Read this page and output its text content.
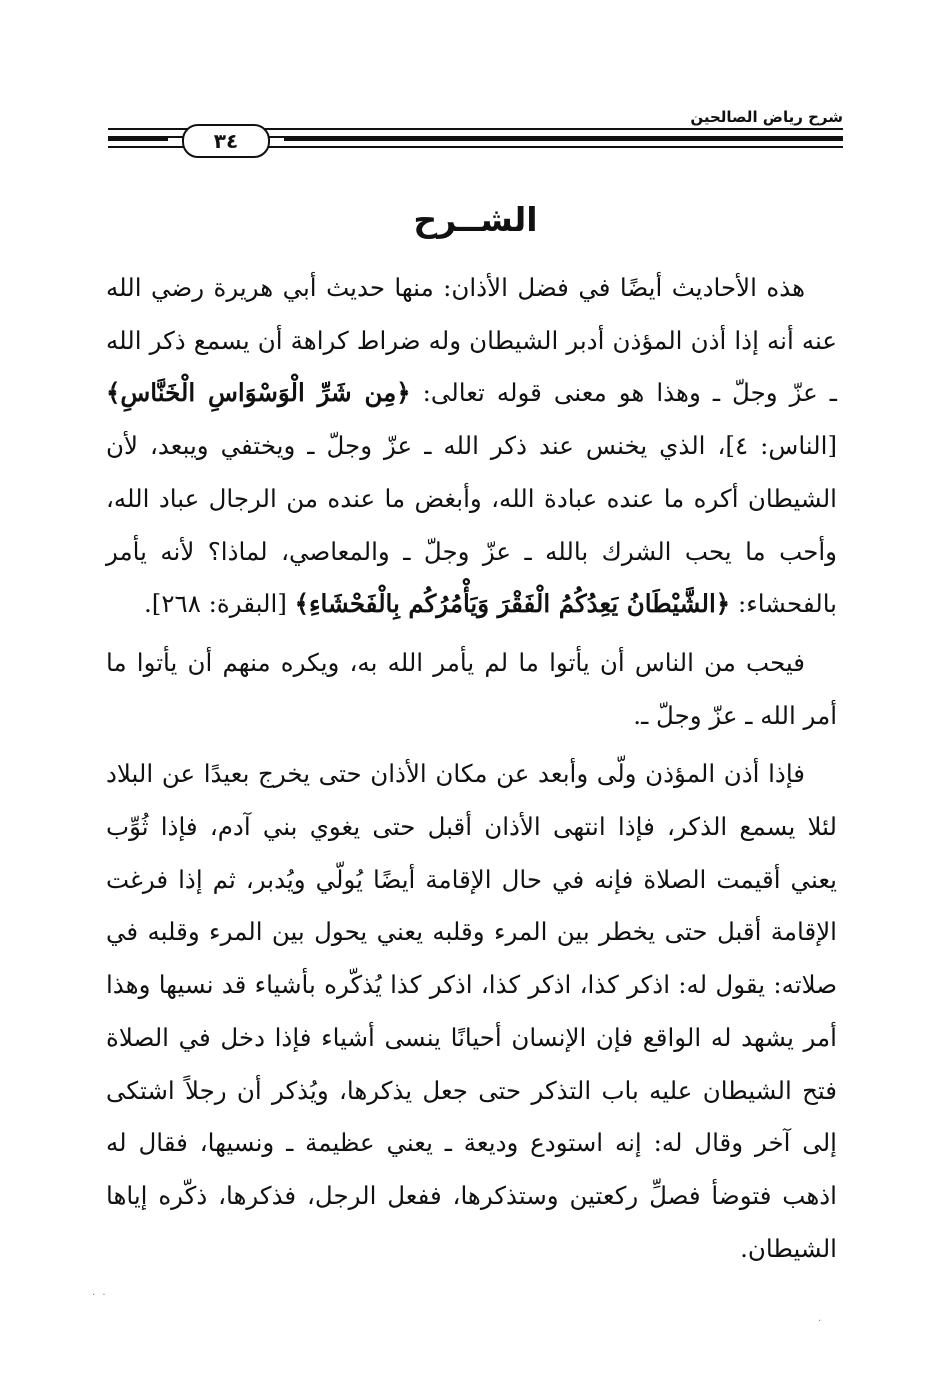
شرح رياض الصالحين
٣٤
الشــرح

هذه الأحاديث أيضًا في فضل الأذان: منها حديث أبي هريرة رضي الله عنه أنه إذا أذن المؤذن أدبر الشيطان وله ضراط كراهة أن يسمع ذكر الله ـ عزّ وجلّ ـ وهذا هو معنى قوله تعالى: ﴿مِن شَرِّ الْوَسْوَاسِ الْخَنَّاسِ﴾ [الناس: ٤]، الذي يخنس عند ذكر الله ـ عزّ وجلّ ـ ويختفي ويبعد، لأن الشيطان أكره ما عنده عبادة الله، وأبغض ما عنده من الرجال عباد الله، وأحب ما يحب الشرك بالله ـ عزّ وجلّ ـ والمعاصي، لماذا؟ لأنه يأمر بالفحشاء: ﴿الشَّيْطَانُ يَعِدُكُمُ الْفَقْرَ وَيَأْمُرُكُم بِالْفَحْشَاءِ﴾ [البقرة: ٢٦٨].

فيحب من الناس أن يأتوا ما لم يأمر الله به، ويكره منهم أن يأتوا ما أمر الله ـ عزّ وجلّ ـ.

فإذا أذن المؤذن ولّى وأبعد عن مكان الأذان حتى يخرج بعيدًا عن البلاد لئلا يسمع الذكر، فإذا انتهى الأذان أقبل حتى يغوي بني آدم، فإذا ثُوِّب يعني أقيمت الصلاة فإنه في حال الإقامة أيضًا يُولّي ويُدبر، ثم إذا فرغت الإقامة أقبل حتى يخطر بين المرء وقلبه يعني يحول بين المرء وقلبه في صلاته: يقول له: اذكر كذا، اذكر كذا، اذكر كذا يُذكّره بأشياء قد نسيها وهذا أمر يشهد له الواقع فإن الإنسان أحيانًا ينسى أشياء فإذا دخل في الصلاة فتح الشيطان عليه باب التذكر حتى جعل يذكرها، ويُذكر أن رجلاً اشتكى إلى آخر وقال له: إنه استودع وديعة ـ يعني عظيمة ـ ونسيها، فقال له اذهب فتوضأ فصلِّ ركعتين وستذكرها، ففعل الرجل، فذكرها، ذكّره إياها الشيطان.

· ·
·
